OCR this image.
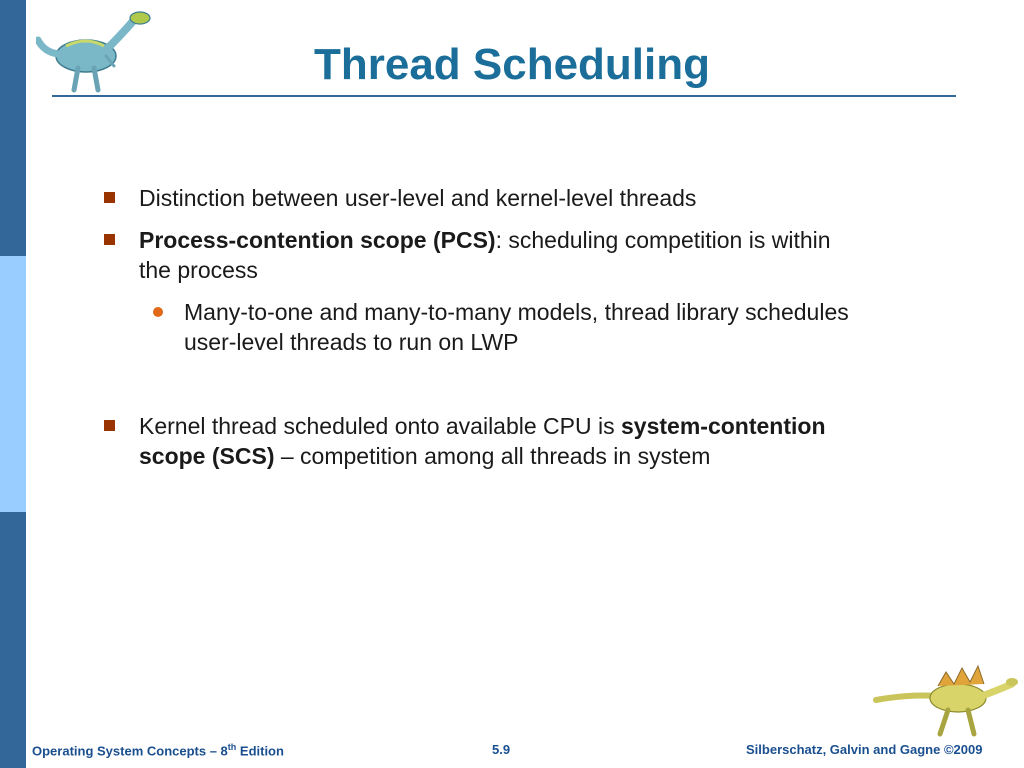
Thread Scheduling
Distinction between user-level and kernel-level threads
Process-contention scope (PCS): scheduling competition is within
the process
Many-to-one and many-to-many models, thread library schedules
user-level threads to run on LWP
Kernel thread scheduled onto available CPU is system-contention
scope (SCS) – competition among all threads in system
Operating System Concepts – 8th Edition	5.9	Silberschatz, Galvin and Gagne ©2009
